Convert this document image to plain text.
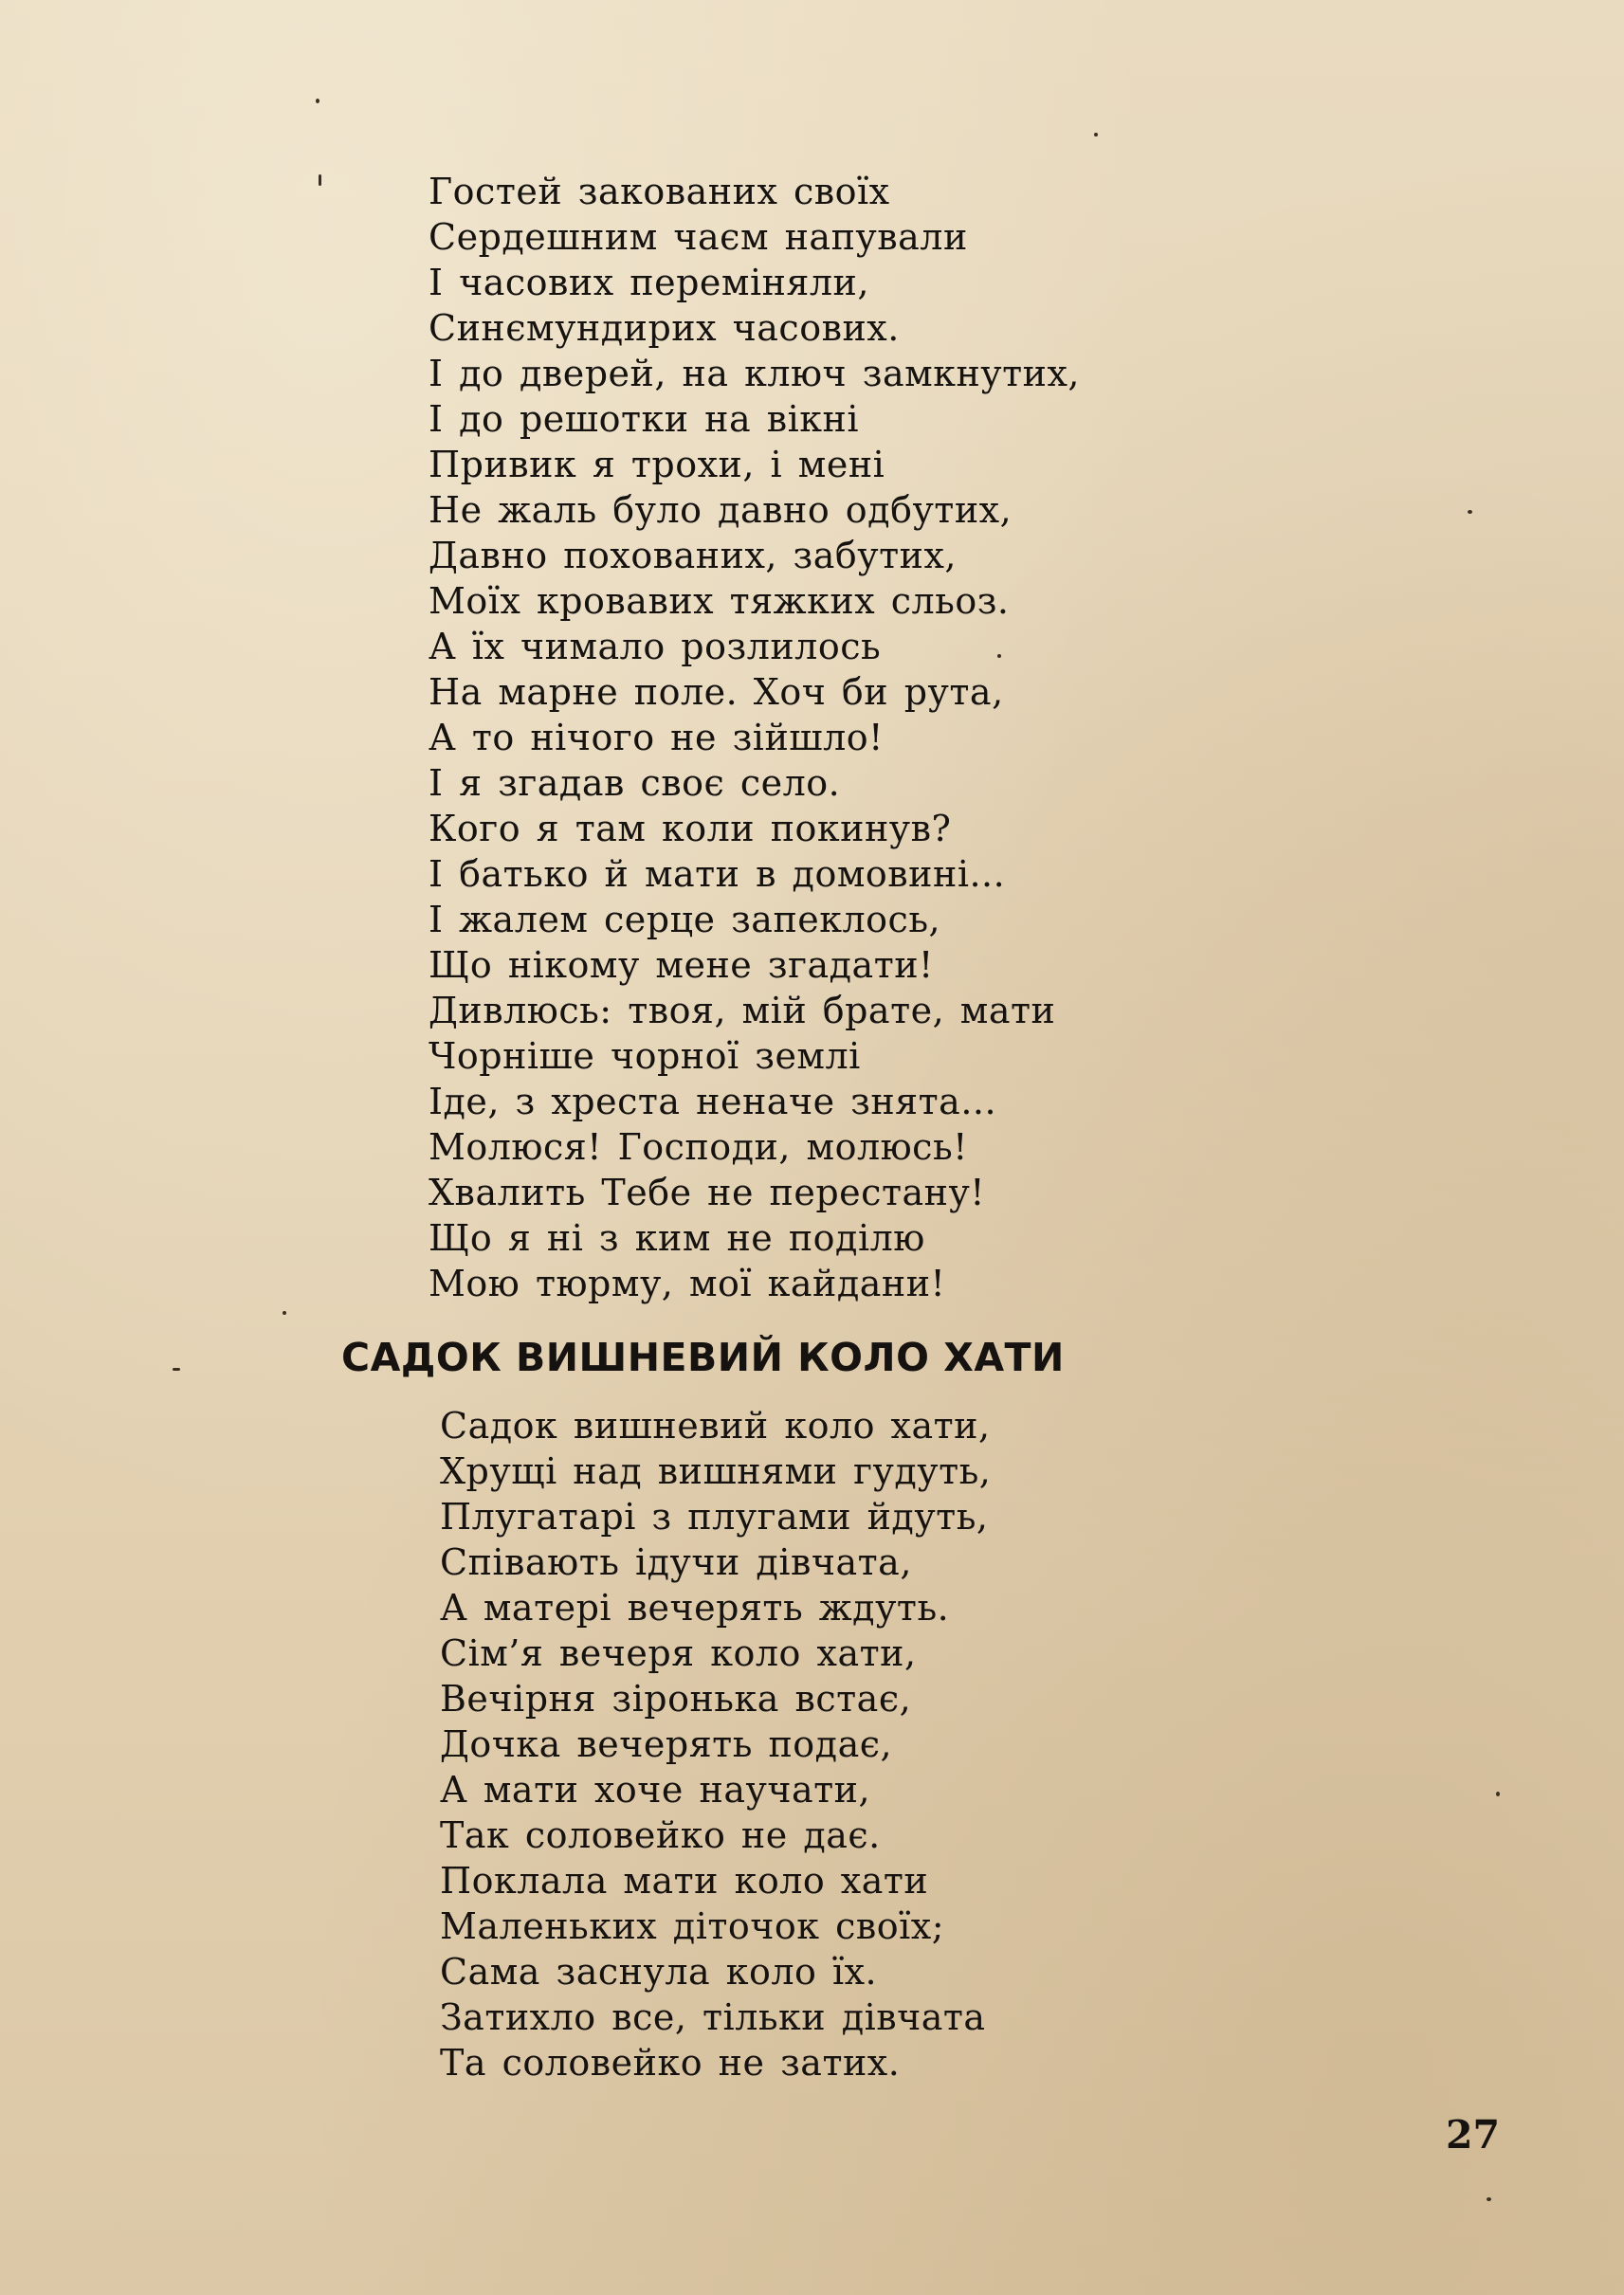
Гостей закованих своїх
Сердешним чаєм напували
І часових переміняли,
Синємундирих часових.
І до дверей, на ключ замкнутих,
І до решотки на вікні
Привик я трохи, і мені
Не жаль було давно одбутих,
Давно похованих, забутих,
Моїх кровавих тяжких сльоз.
А їх чимало розлилось
На марне поле. Хоч би рута,
А то нічого не зійшло!
І я згадав своє село.
Кого я там коли покинув?
І батько й мати в домовині...
І жалем серце запеклось,
Що нікому мене згадати!
Дивлюсь: твоя, мій брате, мати
Чорніше чорної землі
Іде, з хреста неначе знята...
Молюся! Господи, молюсь!
Хвалить Тебе не перестану!
Що я ні з ким не поділю
Мою тюрму, мої кайдани!
САДОК ВИШНЕВИЙ КОЛО ХАТИ
Садок вишневий коло хати,
Хрущі над вишнями гудуть,
Плугатарі з плугами йдуть,
Співають ідучи дівчата,
А матері вечерять ждуть.
Сім’я вечеря коло хати,
Вечірня зіронька встає,
Дочка вечерять подає,
А мати хоче научати,
Так соловейко не дає.
Поклала мати коло хати
Маленьких діточок своїх;
Сама заснула коло їх.
Затихло все, тільки дівчата
Та соловейко не затих.
27
